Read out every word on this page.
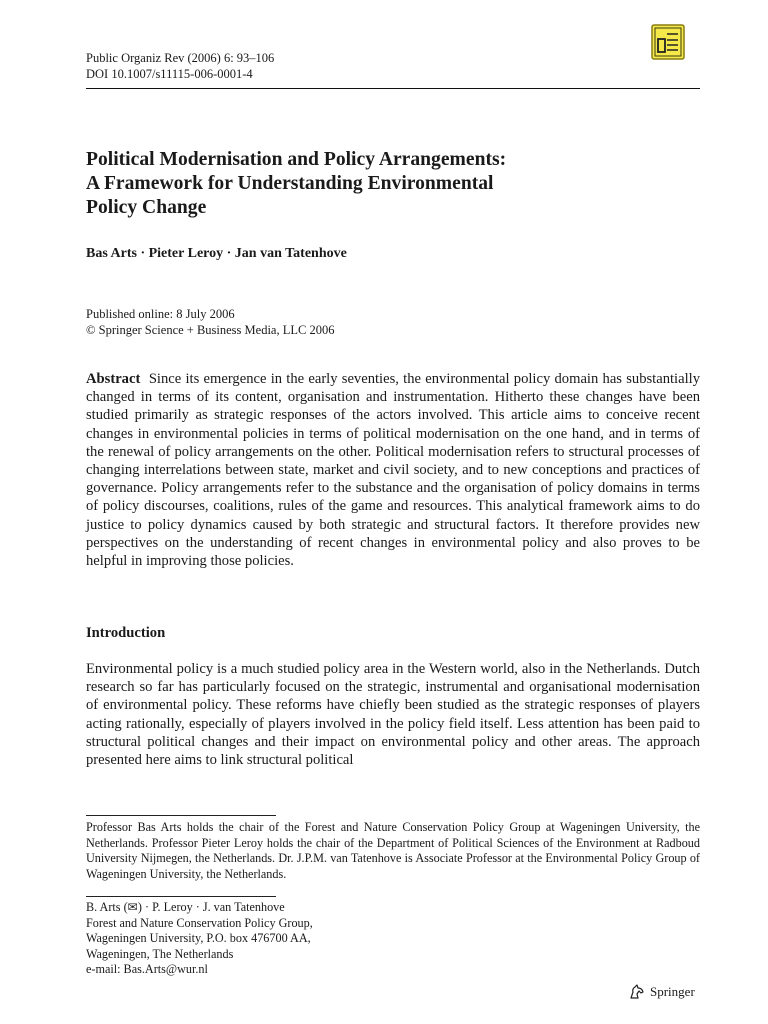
Public Organiz Rev (2006) 6: 93–106
DOI 10.1007/s11115-006-0001-4
Political Modernisation and Policy Arrangements:
A Framework for Understanding Environmental
Policy Change
Bas Arts · Pieter Leroy · Jan van Tatenhove
Published online: 8 July 2006
© Springer Science + Business Media, LLC 2006

Abstract Since its emergence in the early seventies, the environmental policy domain has substantially changed in terms of its content, organisation and instrumentation. Hitherto these changes have been studied primarily as strategic responses of the actors involved. This article aims to conceive recent changes in environmental policies in terms of political modernisation on the one hand, and in terms of the renewal of policy arrangements on the other. Political modernisation refers to structural processes of changing interrelations between state, market and civil society, and to new conceptions and practices of governance. Policy arrangements refer to the substance and the organisation of policy domains in terms of policy discourses, coalitions, rules of the game and resources. This analytical framework aims to do justice to policy dynamics caused by both strategic and structural factors. It therefore provides new perspectives on the understanding of recent changes in environmental policy and also proves to be helpful in improving those policies.

Introduction

Environmental policy is a much studied policy area in the Western world, also in the Netherlands. Dutch research so far has particularly focused on the strategic, instrumental and organisational modernisation of environmental policy. These reforms have chiefly been studied as the strategic responses of players acting rationally, especially of players involved in the policy field itself. Less attention has been paid to structural political changes and their impact on environmental policy and other areas. The approach presented here aims to link structural political

Professor Bas Arts holds the chair of the Forest and Nature Conservation Policy Group at Wageningen University, the Netherlands. Professor Pieter Leroy holds the chair of the Department of Political Sciences of the Environment at Radboud University Nijmegen, the Netherlands. Dr. J.P.M. van Tatenhove is Associate Professor at the Environmental Policy Group of Wageningen University, the Netherlands.

B. Arts (✉) · P. Leroy · J. van Tatenhove
Forest and Nature Conservation Policy Group,
Wageningen University, P.O. box 476700 AA,
Wageningen, The Netherlands
e-mail: Bas.Arts@wur.nl
Springer
